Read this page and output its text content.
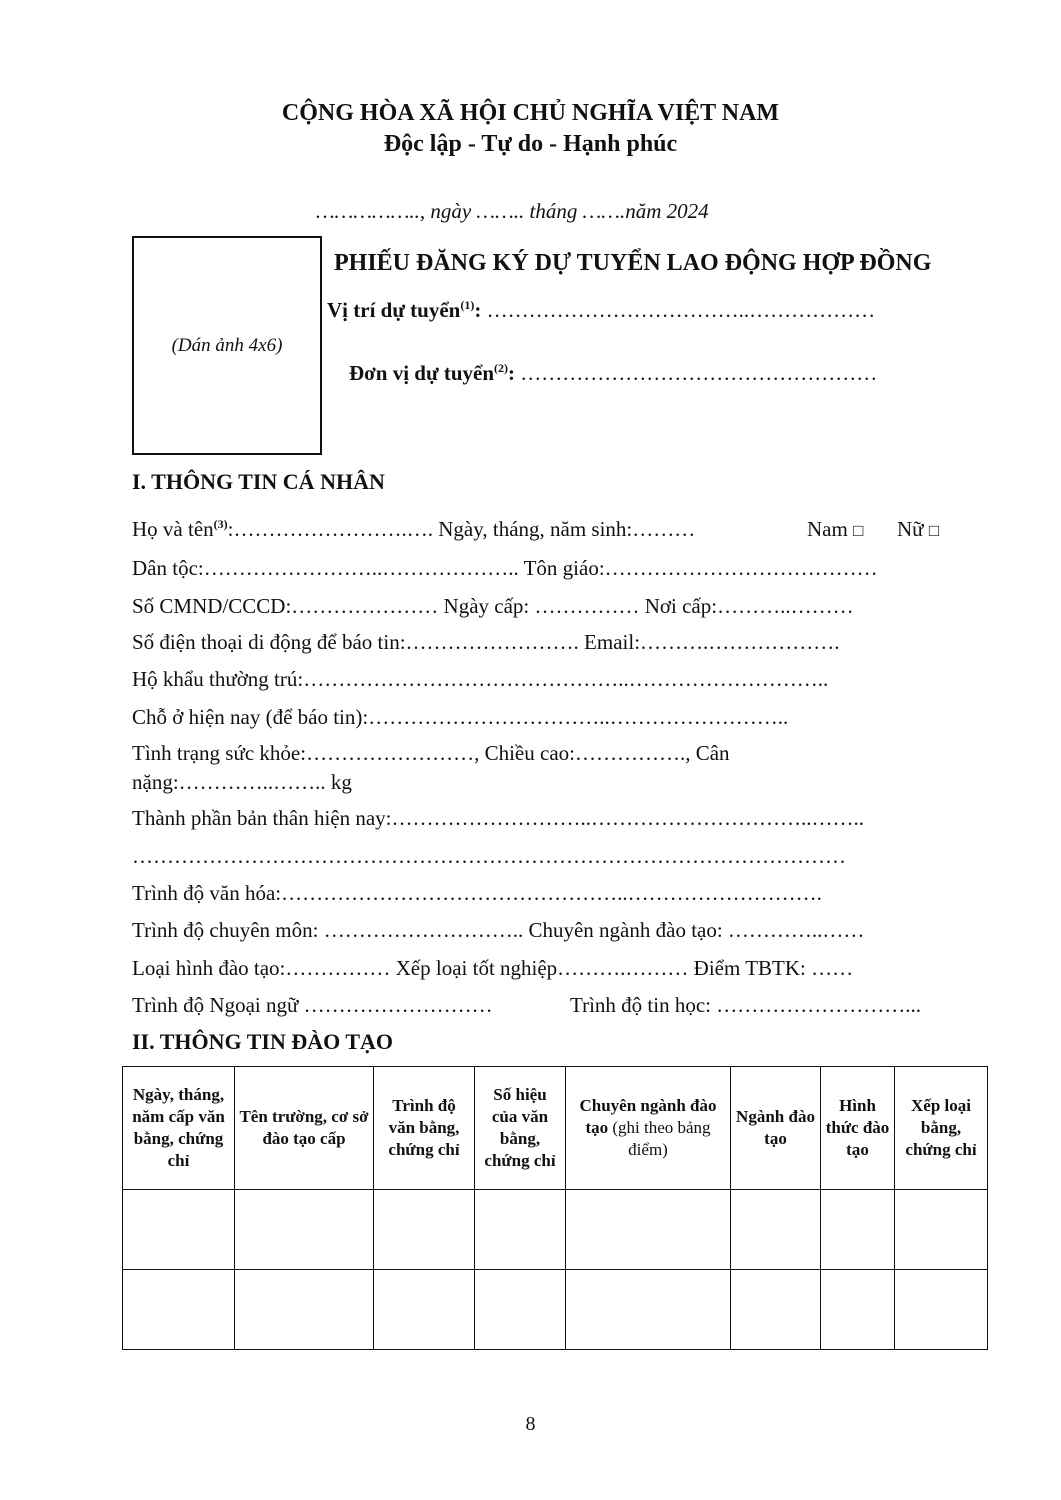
CỘNG HÒA XÃ HỘI CHỦ NGHĨA VIỆT NAM
Độc lập - Tự do - Hạnh phúc
…………….., ngày …….. tháng …….năm 2024
(Dán ảnh 4x6)
PHIẾU ĐĂNG KÝ DỰ TUYỂN LAO ĐỘNG HỢP ĐỒNG
Vị trí dự tuyển$^{(1)}$: ………………………………..………………
Đơn vị dự tuyển$^{(2)}$: ……………………………………………
I. THÔNG TIN CÁ NHÂN
Họ và tên$^{(3)}$:…………………….…. Ngày, tháng, năm sinh:………	Nam □ Nữ □
Dân tộc:……………………..……………….. Tôn giáo:…………………………………
Số CMND/CCCD:………………… Ngày cấp: …………… Nơi cấp:………..………
Số điện thoại di động để báo tin:……………………. Email:……….……………….
Hộ khẩu thường trú:………………………………………..………………………..
Chỗ ở hiện nay (để báo tin):……………………………..……………………..
Tình trạng sức khỏe:……………………, Chiều cao:……………., Cân
nặng:…………..…….. kg
Thành phần bản thân hiện nay:………………………..…………………………..……..
…………………………………………………………………………………………
Trình độ văn hóa:…………………………………………..……………………….
Trình độ chuyên môn: ……………………….. Chuyên ngành đào tạo: …………..……
Loại hình đào tạo:…………… Xếp loại tốt nghiệp……….……… Điểm TBTK: ……
Trình độ Ngoại ngữ ………………………	Trình độ tin học: ………………………...
II. THÔNG TIN ĐÀO TẠO
Ngày, tháng, năm cấp văn bằng, chứng chỉ	Tên trường, cơ sở đào tạo cấp	Trình độ văn bằng, chứng chỉ	Số hiệu của văn bằng, chứng chỉ	Chuyên ngành đào tạo (ghi theo bảng điểm)	Ngành đào tạo	Hình thức đào tạo	Xếp loại bằng, chứng chỉ

8
